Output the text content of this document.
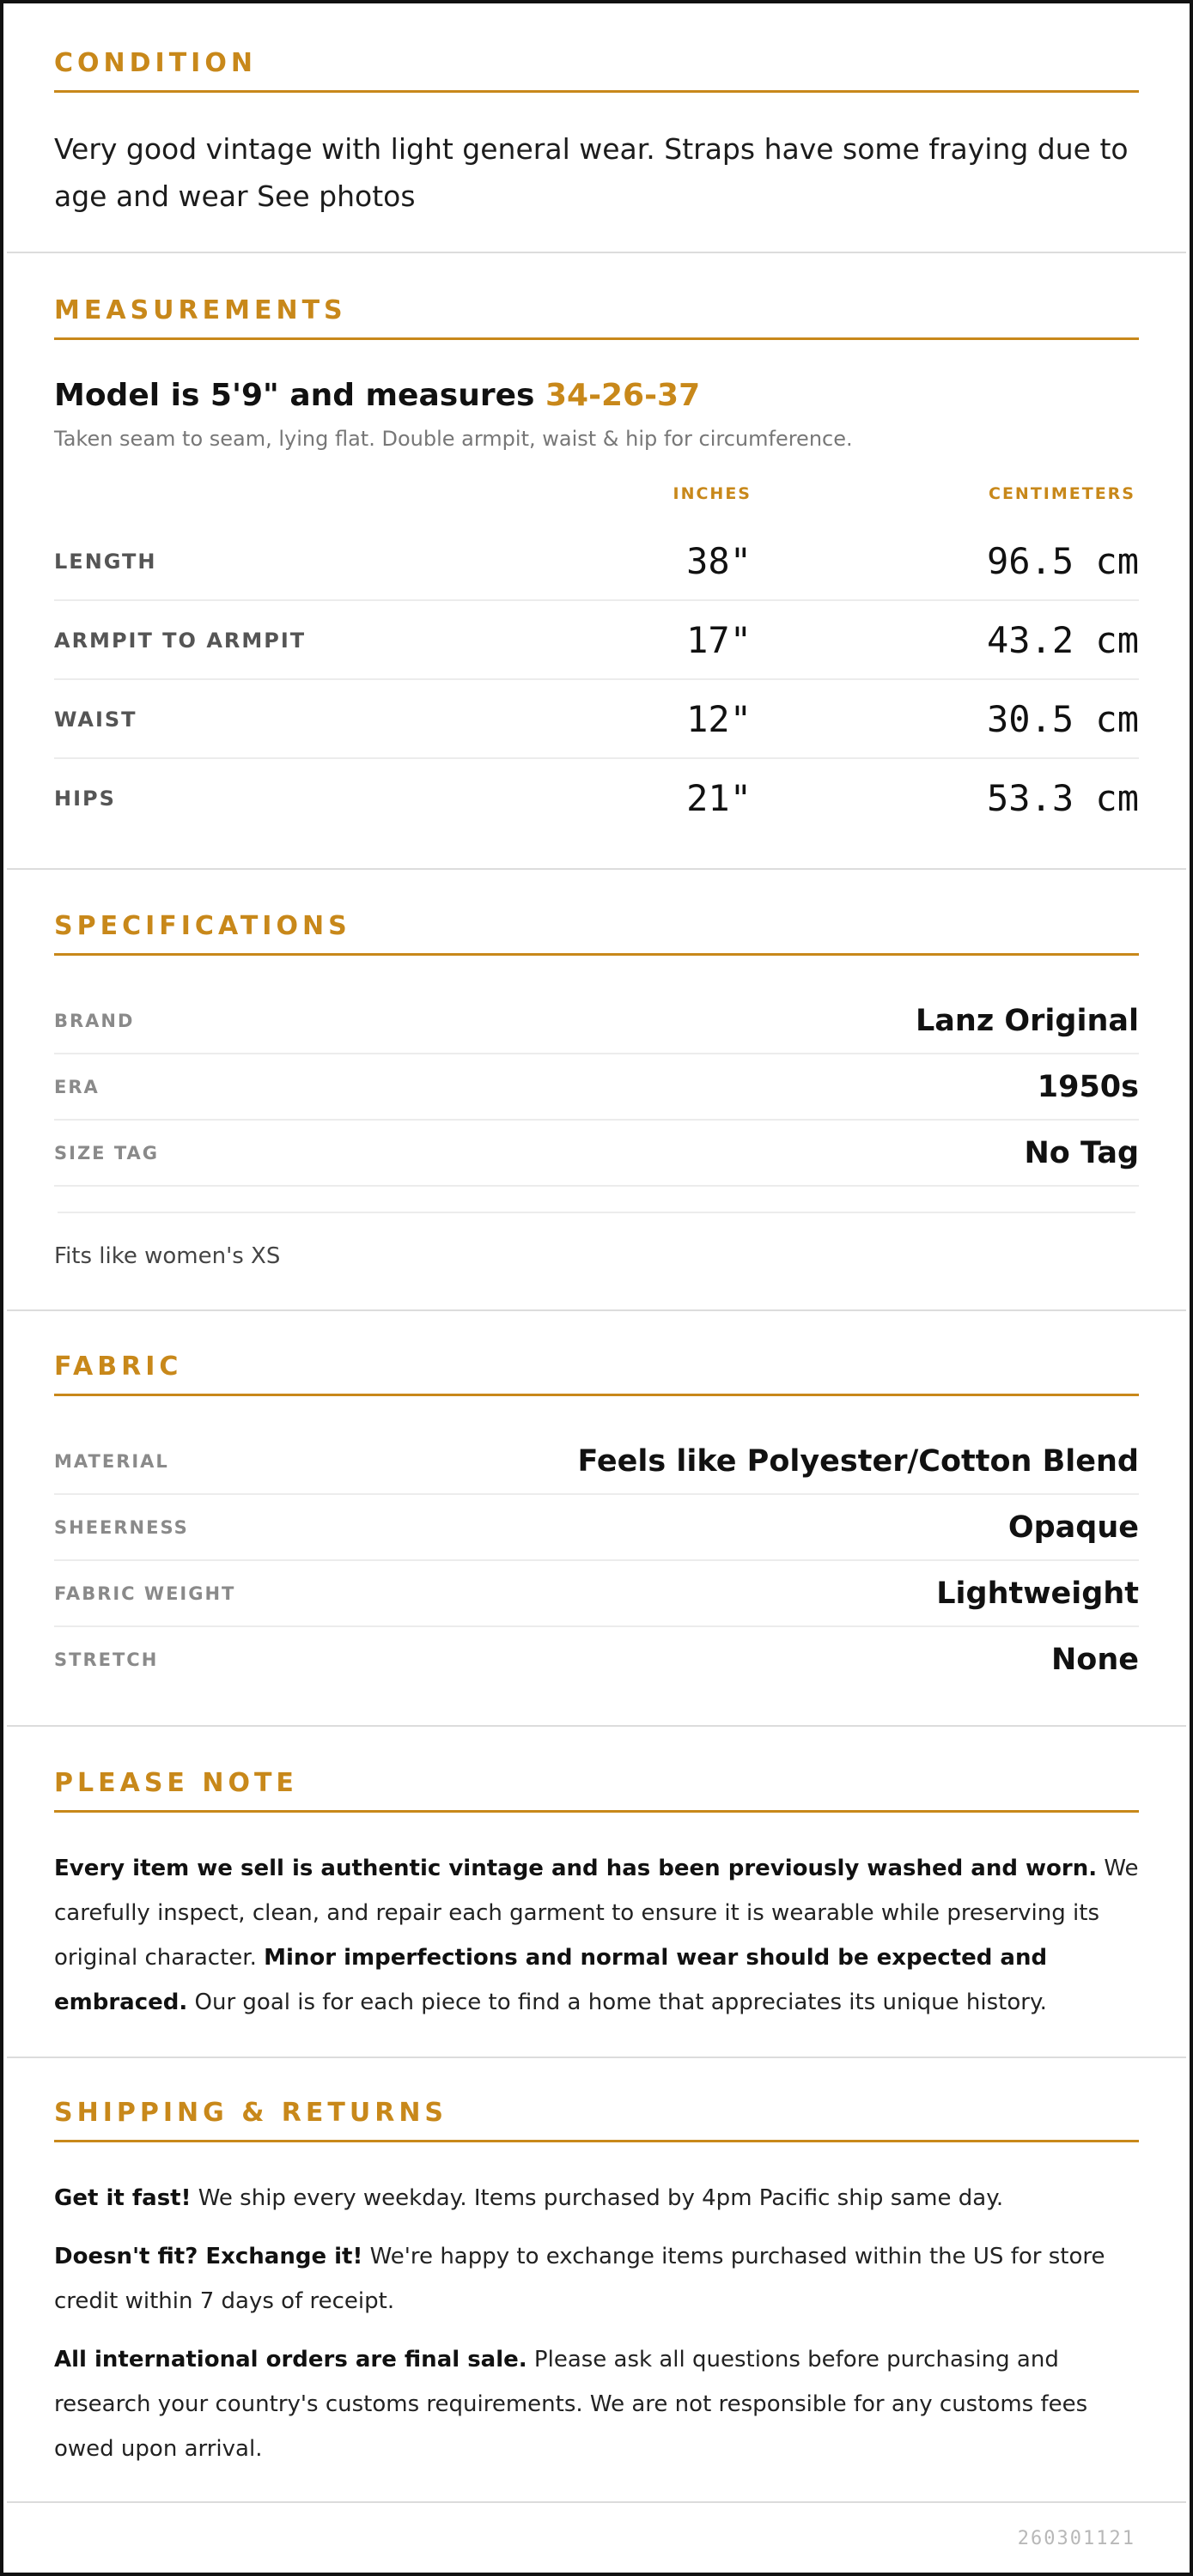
CONDITION
Very good vintage with light general wear. Straps have some fraying due to age and wear See photos
MEASUREMENTS
Model is 5'9" and measures 34-26-37
Taken seam to seam, lying flat. Double armpit, waist & hip for circumference.
INCHES	CENTIMETERS
LENGTH	38"	96.5 cm
ARMPIT TO ARMPIT	17"	43.2 cm
WAIST	12"	30.5 cm
HIPS	21"	53.3 cm
SPECIFICATIONS
BRAND	Lanz Original
ERA	1950s
SIZE TAG	No Tag
Fits like women's XS
FABRIC
MATERIAL	Feels like Polyester/Cotton Blend
SHEERNESS	Opaque
FABRIC WEIGHT	Lightweight
STRETCH	None
PLEASE NOTE
Every item we sell is authentic vintage and has been previously washed and worn. We carefully inspect, clean, and repair each garment to ensure it is wearable while preserving its original character. Minor imperfections and normal wear should be expected and embraced. Our goal is for each piece to find a home that appreciates its unique history.
SHIPPING & RETURNS
Get it fast! We ship every weekday. Items purchased by 4pm Pacific ship same day.
Doesn't fit? Exchange it! We're happy to exchange items purchased within the US for store credit within 7 days of receipt.
All international orders are final sale. Please ask all questions before purchasing and research your country's customs requirements. We are not responsible for any customs fees owed upon arrival.
260301121
